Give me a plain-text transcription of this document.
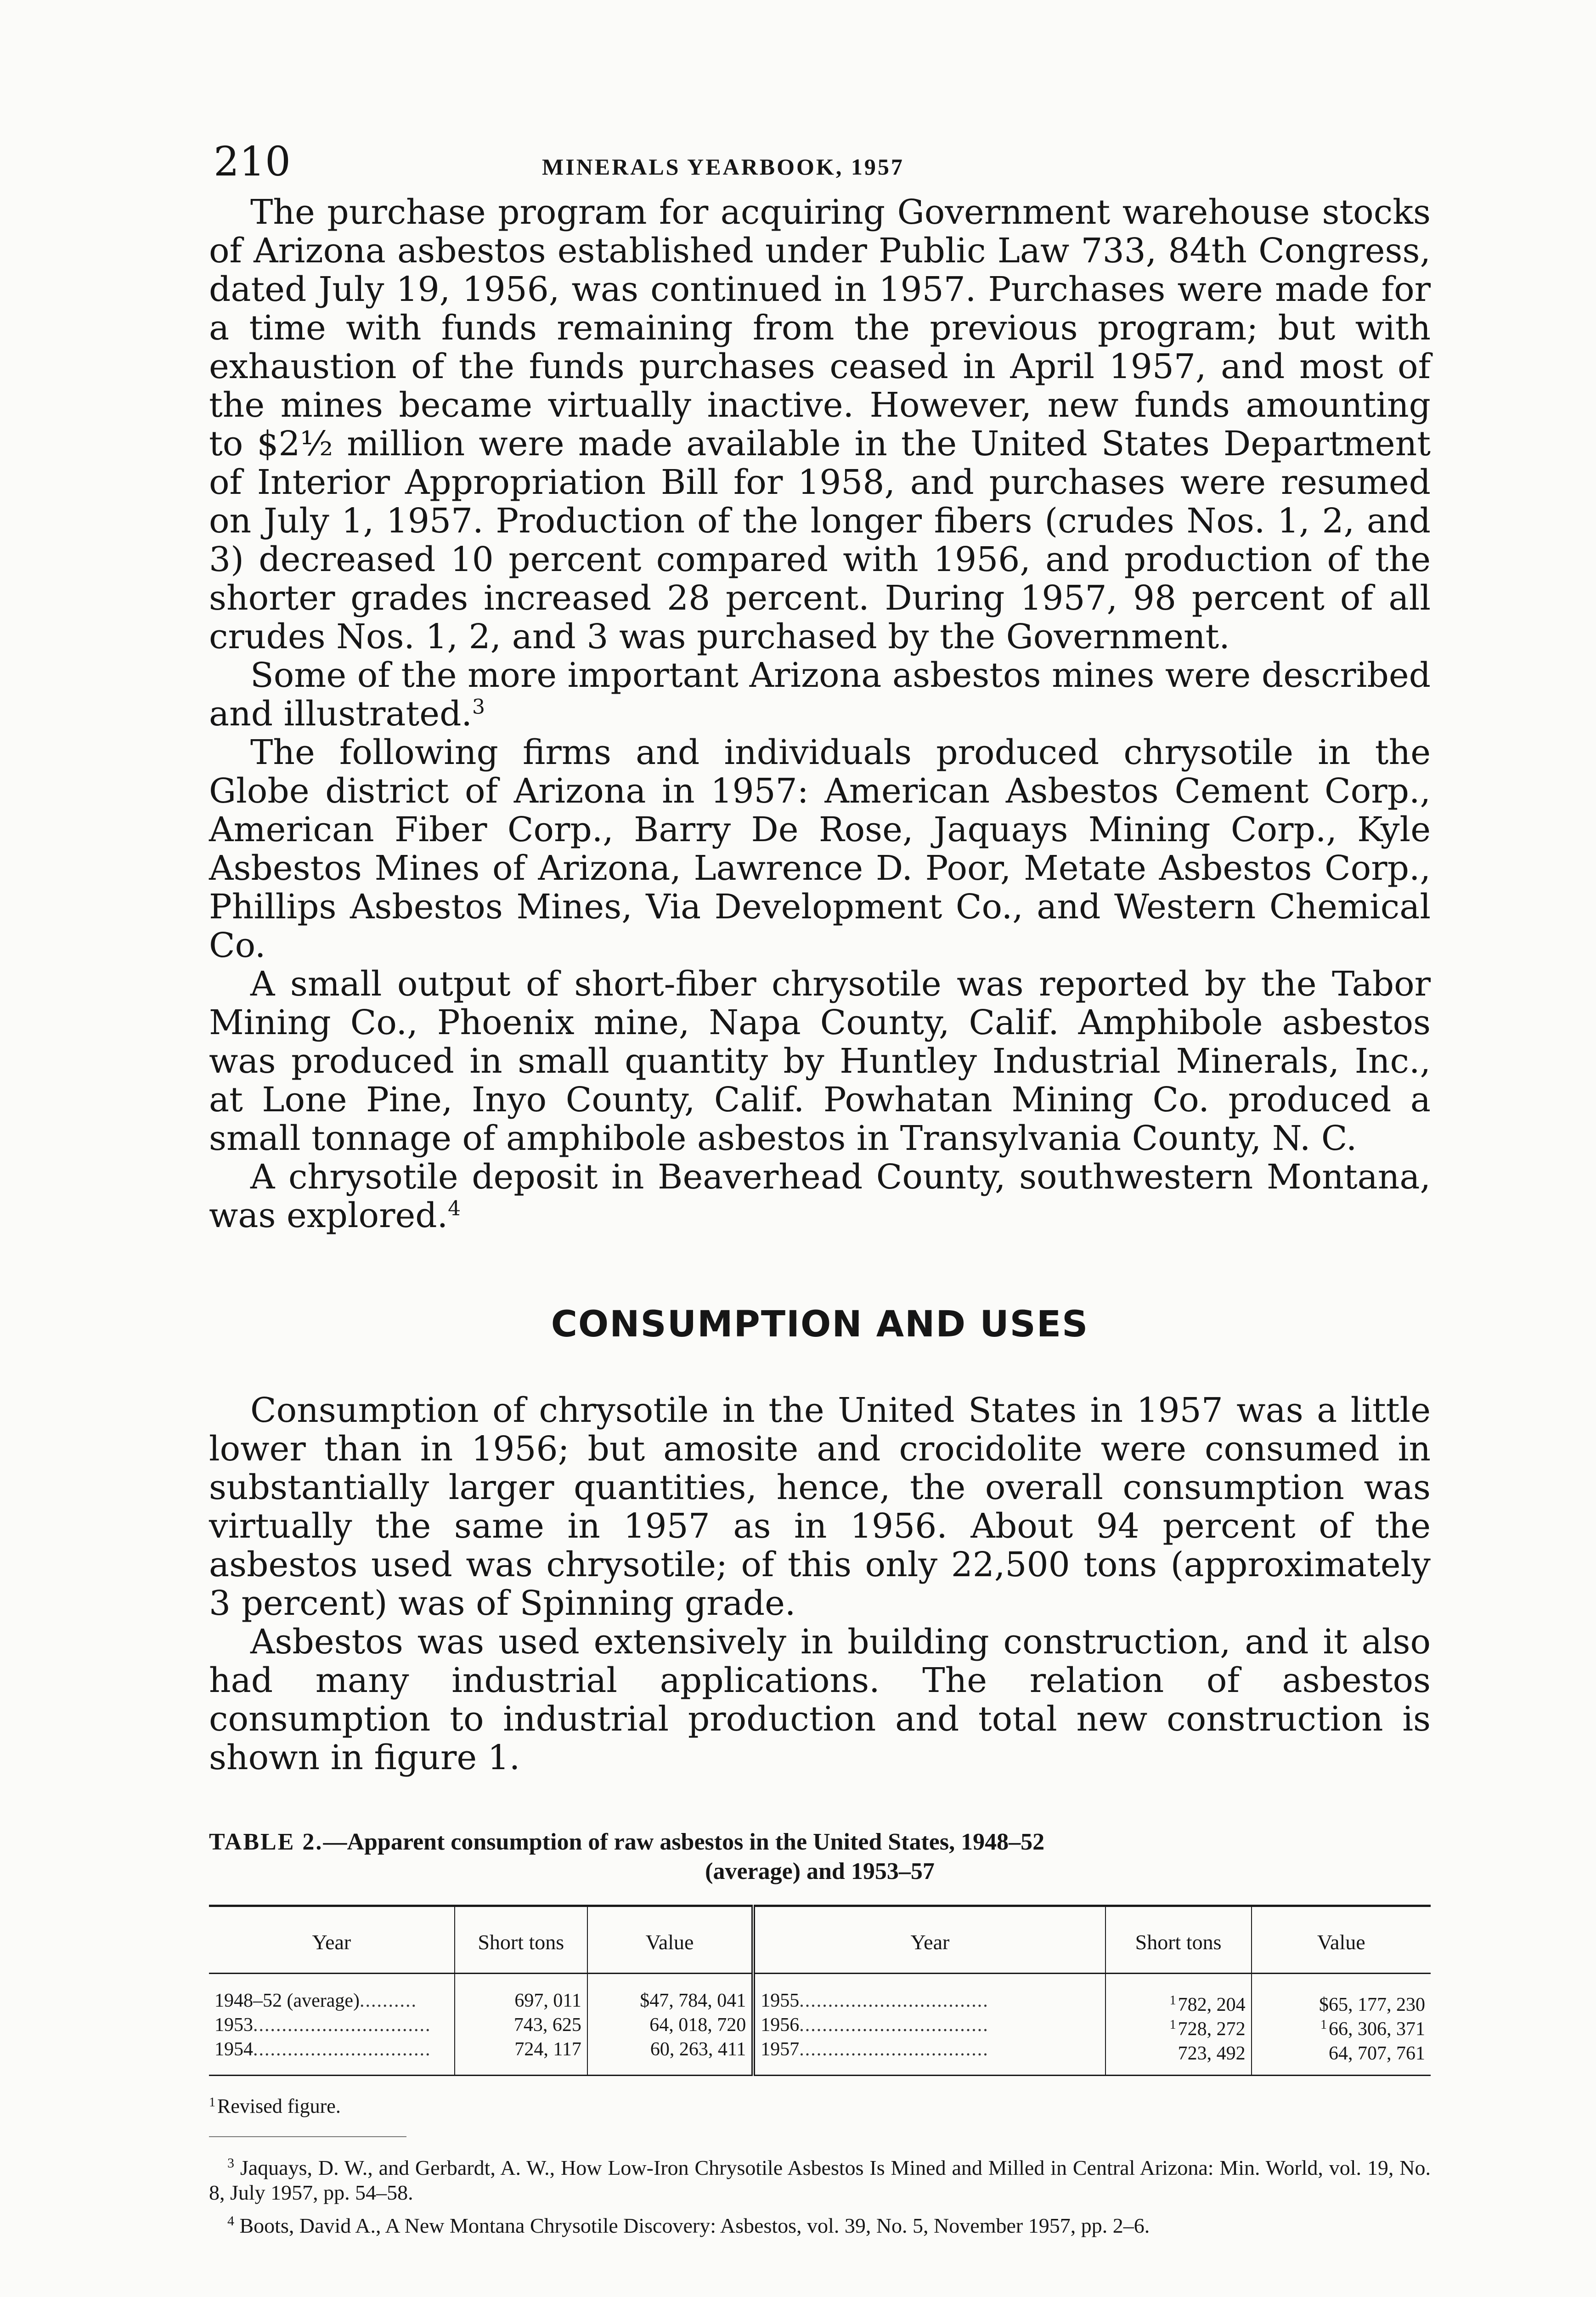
210	MINERALS YEARBOOK, 1957

The purchase program for acquiring Government warehouse stocks of Arizona asbestos established under Public Law 733, 84th Congress, dated July 19, 1956, was continued in 1957. Purchases were made for a time with funds remaining from the previous program; but with exhaustion of the funds purchases ceased in April 1957, and most of the mines became virtually inactive. However, new funds amounting to $2½ million were made available in the United States Department of Interior Appropriation Bill for 1958, and purchases were resumed on July 1, 1957. Production of the longer fibers (crudes Nos. 1, 2, and 3) decreased 10 percent compared with 1956, and production of the shorter grades increased 28 percent. During 1957, 98 percent of all crudes Nos. 1, 2, and 3 was purchased by the Government.

Some of the more important Arizona asbestos mines were described and illustrated.$^3$

The following firms and individuals produced chrysotile in the Globe district of Arizona in 1957: American Asbestos Cement Corp., American Fiber Corp., Barry De Rose, Jaquays Mining Corp., Kyle Asbestos Mines of Arizona, Lawrence D. Poor, Metate Asbestos Corp., Phillips Asbestos Mines, Via Development Co., and Western Chemical Co.

A small output of short-fiber chrysotile was reported by the Tabor Mining Co., Phoenix mine, Napa County, Calif. Amphibole asbestos was produced in small quantity by Huntley Industrial Minerals, Inc., at Lone Pine, Inyo County, Calif. Powhatan Mining Co. produced a small tonnage of amphibole asbestos in Transylvania County, N. C.

A chrysotile deposit in Beaverhead County, southwestern Montana, was explored.$^4$

CONSUMPTION AND USES

Consumption of chrysotile in the United States in 1957 was a little lower than in 1956; but amosite and crocidolite were consumed in substantially larger quantities, hence, the overall consumption was virtually the same in 1957 as in 1956. About 94 percent of the asbestos used was chrysotile; of this only 22,500 tons (approximately 3 percent) was of Spinning grade.

Asbestos was used extensively in building construction, and it also had many industrial applications. The relation of asbestos consumption to industrial production and total new construction is shown in figure 1.

TABLE 2.—Apparent consumption of raw asbestos in the United States, 1948–52
(average) and 1953–57
Year	Short tons	Value	Year	Short tons	Value
1948–52 (average)..........	697, 011	$47, 784, 041	1955.................................	$^1$782, 204	$65, 177, 230
1953...............................	743, 625	64, 018, 720	1956.................................	$^1$728, 272	$^1$66, 306, 371
1954...............................	724, 117	60, 263, 411	1957.................................	723, 492	64, 707, 761
$^1$Revised figure.

$^3$ Jaquays, D. W., and Gerbardt, A. W., How Low-Iron Chrysotile Asbestos Is Mined and Milled in Central Arizona: Min. World, vol. 19, No. 8, July 1957, pp. 54–58.

$^4$ Boots, David A., A New Montana Chrysotile Discovery: Asbestos, vol. 39, No. 5, November 1957, pp. 2–6.
